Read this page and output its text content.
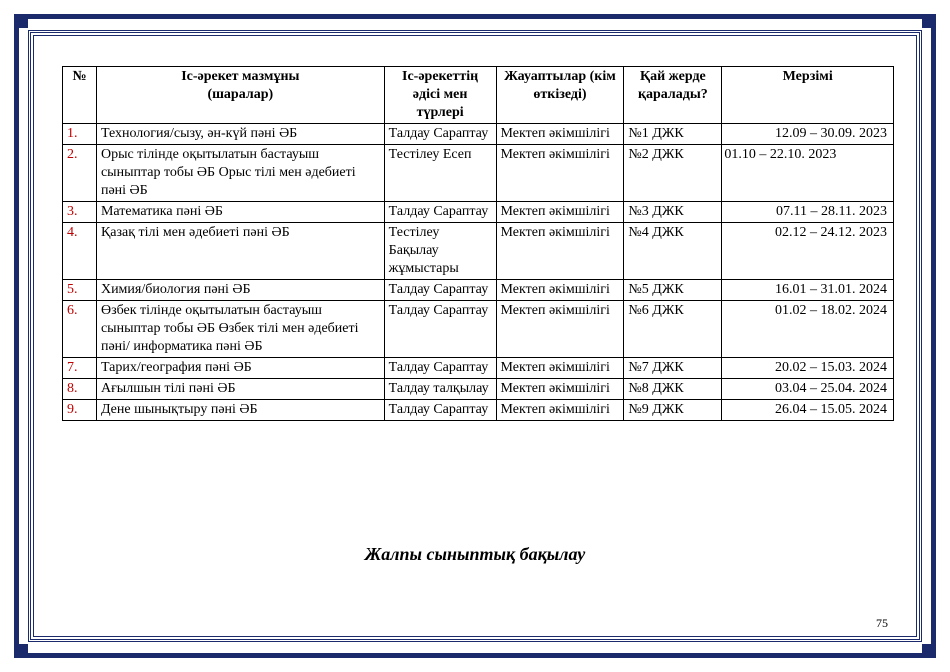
№	Іс-әрекет мазмұны (шаралар)	Іс-әрекеттің әдісі мен түрлері	Жауаптылар (кім өткізеді)	Қай жерде қаралады?	Мерзімі
1.	Технология/сызу, ән-күй пәні ӘБ	Талдау Сараптау	Мектеп әкімшілігі	№1 ДЖК	12.09 – 30.09. 2023
2.	Орыс тілінде оқытылатын бастауыш сыныптар тобы ӘБ Орыс тілі мен әдебиеті пәні ӘБ	Тестілеу Есеп	Мектеп әкімшілігі	№2 ДЖК	01.10 – 22.10. 2023
3.	Математика пәні ӘБ	Талдау Сараптау	Мектеп әкімшілігі	№3 ДЖК	07.11 – 28.11. 2023
4.	Қазақ тілі мен әдебиеті пәні ӘБ	Тестілеу Бақылау жұмыстары	Мектеп әкімшілігі	№4 ДЖК	02.12 – 24.12. 2023
5.	Химия/биология пәні ӘБ	Талдау Сараптау	Мектеп әкімшілігі	№5 ДЖК	16.01 – 31.01. 2024
6.	Өзбек тілінде оқытылатын бастауыш сыныптар тобы ӘБ Өзбек тілі мен әдебиеті пәні/ информатика пәні ӘБ	Талдау Сараптау	Мектеп әкімшілігі	№6 ДЖК	01.02 – 18.02. 2024
7.	Тарих/география пәні ӘБ	Талдау Сараптау	Мектеп әкімшілігі	№7 ДЖК	20.02 – 15.03. 2024
8.	Ағылшын тілі пәні ӘБ	Талдау талқылау	Мектеп әкімшілігі	№8 ДЖК	03.04 – 25.04. 2024
9.	Дене шынықтыру пәні ӘБ	Талдау Сараптау	Мектеп әкімшілігі	№9 ДЖК	26.04 – 15.05. 2024
Жалпы сыныптық бақылау
75
